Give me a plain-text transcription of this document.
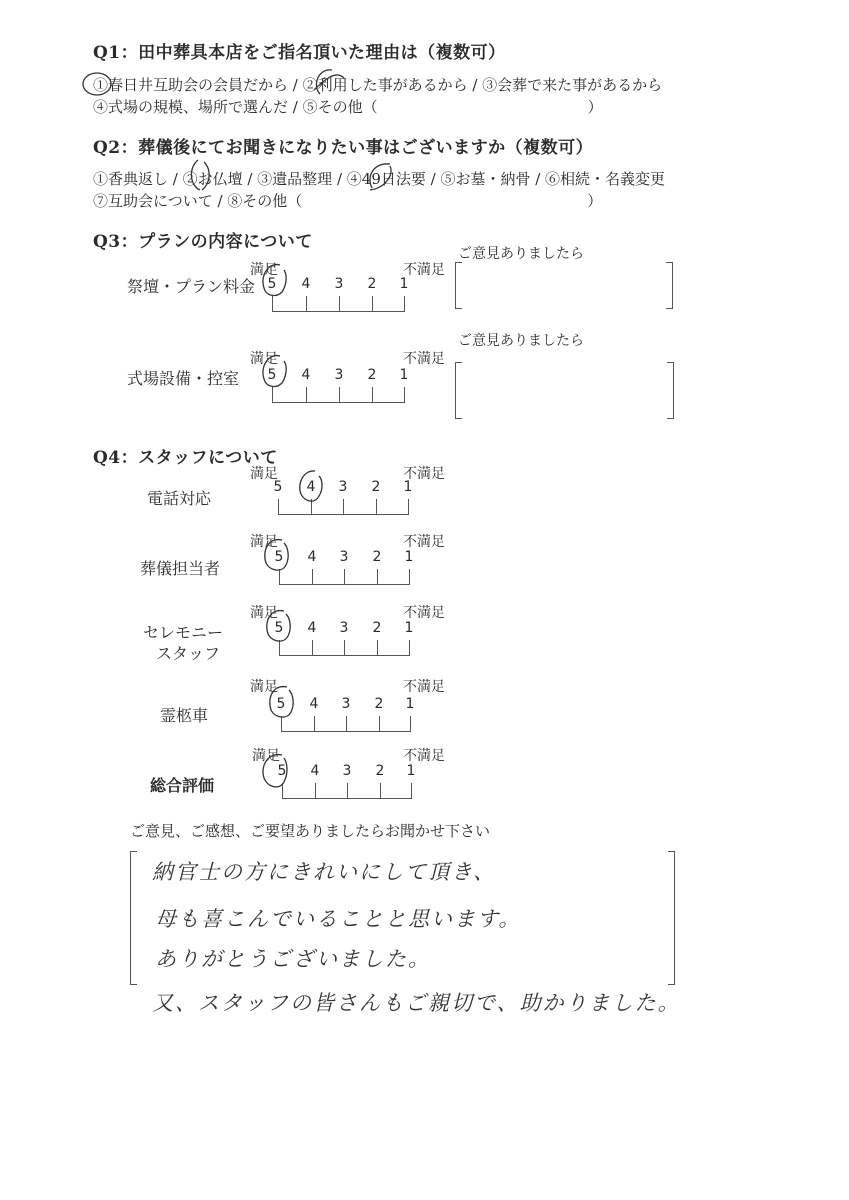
Q1：田中葬具本店をご指名頂いた理由は（複数可）
①春日井互助会の会員だから / ②利用した事があるから / ③会葬で来た事があるから
④式場の規模、場所で選んだ / ⑤その他（　　　　　　　　　　　　　　）
Q2：葬儀後にてお聞きになりたい事はございますか（複数可）
①香典返し / ②お仏壇 / ③遺品整理 / ④49日法要 / ⑤お墓・納骨 / ⑥相続・名義変更
⑦互助会について / ⑧その他（　　　　　　　　　　　　　　　　　　　）
Q3：プランの内容について
祭壇・プラン料金
満足	不満足
5 4 3 2 1
ご意見ありましたら
式場設備・控室
満足	不満足
5 4 3 2 1
ご意見ありましたら
Q4：スタッフについて
電話対応
満足	不満足
5 4 3 2 1
葬儀担当者
満足	不満足
5 4 3 2 1
セレモニー
スタッフ
満足	不満足
5 4 3 2 1
霊柩車
満足	不満足
5 4 3 2 1
総合評価
満足	不満足
5 4 3 2 1
ご意見、ご感想、ご要望ありましたらお聞かせ下さい
納官士の方にきれいにして頂き、
母も喜こんでいることと思います。
ありがとうございました。
又、スタッフの皆さんもご親切で、助かりました。
